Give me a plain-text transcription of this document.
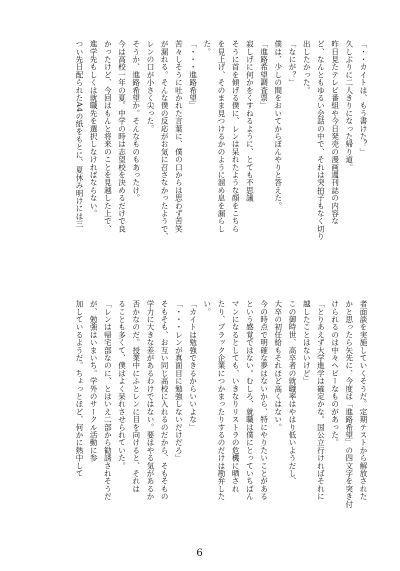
「・・カイトは、もう書けた？」
久しぶりに二人きりになった帰り道。
昨日見たテレビ番組や今日発売の漫画週刊誌の内容な
ど、なんともゆるい会話の中で、それは突拍子もなく切り
出したかった。
「なにが？」
僕は、少しの間をおいてからぼんやりと答えた。
「進路希望調査票」
寂しげに何かをくすねるように、とても不思議
そうに首を傾げる僕に、レンは呆れたような顔をこちら
を見上げ、そのまま見つけるかのように溜め息を漏らし
た。
「・・・進路希望」
苦々しそうに吐かれた言葉に、僕の口からは思わず苦笑
が漏れる。そんな僕の反応がお気に召さなかったようで、
レンの口が小さく尖った。
そうか、進路希望か。そんなものもあったけ。
今は高校一年の夏。中学の時は志望校を決めるだけで良
かったけど、今回はもんと将来のことを見越した上で、
進学先もしくは就職先を選択しなければならない。
つい先日配られたA4の紙をもとに、夏休み明けには三
者面談を実施していくそうだ。定期テストから解放された
かと思ったら矢先に、今度は「進路希望」の四文字を突き付
けられるのは中々ヘビーなものがあった。
「とりあえず大学進学は確定かな。国公立行ければそれに
越したことはないけど」
この御時世、高卒者の就職率はやはり低いようだし、
大卒の初任給もそれほど高くはない。
今の時点で明確な夢はないから、特にやりたいことがある
という感覚ではない。むしろ、就職は僕にとっていちばん
マンになるとしても、いきなりリストラの危機に晒され
たり、ブラック企業につかまったりするのだけは勘弁した
い。
「カイトは勉強できるからいいよな」
「・・・レンが真面目に勉強しないだけだろ」
そもそも、お互い同じ高校に入れるのだから、そもそもの
学力に大きな差があるわけではない。要はやる気があるか
否かなのだ。授業中にふとレンに目を向けると、それは
ることも多くて、僕はよく呆れさせられていた。
「レンは帰宅部なのに、とはいえ二部から勧誘されそうだ
が、勉強はいまいち。学外のサークル活動に参
加しているようだ。ちょっとほど、何かに熱中して
6
